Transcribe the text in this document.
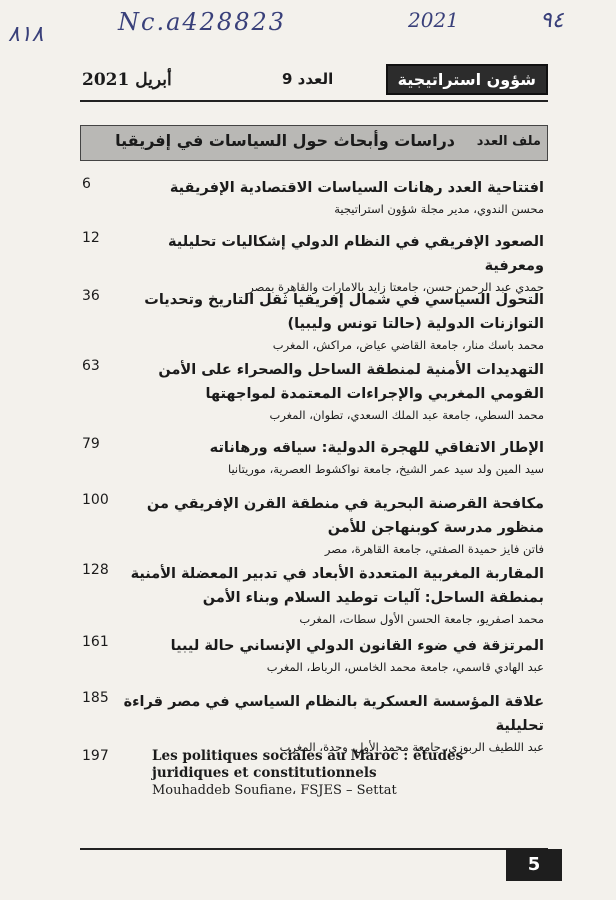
٨١٨	Nc.a428823	2021	٩٤
أبريل 2021	العدد 9	شؤون استراتيجية
ملف العدد
دراسات وأبحاث حول السياسات في إفريقيا
6	افتتاحية العدد رهانات السياسات الاقتصادية الإفريقية
محسن الندوي، مدير مجلة شؤون استراتيجية
12	الصعود الإفريقي في النظام الدولي إشكاليات تحليلية ومعرفية
حمدي عبد الرحمن حسن، جامعتا زايد بالامارات والقاهرة بمصر
36	التحول السياسي في شمال إفريقيا ثقل التاريخ وتحديات التوازنات الدولية (حالتا تونس وليبيا)
محمد باسك منار، جامعة القاضي عياض، مراكش، المغرب
63	التهديدات الأمنية لمنطقة الساحل والصحراء على الأمن القومي المغربي والإجراءات المعتمدة لمواجهتها
محمد السطي، جامعة عبد الملك السعدي، تطوان، المغرب
79	الإطار الاتفاقي للهجرة الدولية: سياقه ورهاناته
سيد المين ولد سيد عمر الشيخ، جامعة نواكشوط العصرية، موريتانيا
100	مكافحة القرصنة البحرية في منطقة القرن الإفريقي من منظور مدرسة كوبنهاجن للأمن
فاتن فايز حميدة الصفتي، جامعة القاهرة، مصر
128	المقاربة المغربية المتعددة الأبعاد في تدبير المعضلة الأمنية بمنطقة الساحل: آليات توطيد السلام وبناء الأمن
محمد اصفريو، جامعة الحسن الأول سطات، المغرب
161	المرتزقة في ضوء القانون الدولي الإنساني حالة ليبيا
عبد الهادي قاسمي، جامعة محمد الخامس، الرباط، المغرب
185	علاقة المؤسسة العسكرية بالنظام السياسي في مصر قراءة تحليلية
عبد اللطيف الربوزي، جامعة محمد الأول، وجدة، المغرب
197	Les politiques sociales au Maroc : études juridiques et constitutionnels
Mouhaddeb Soufiane، FSJES – Settat
5
